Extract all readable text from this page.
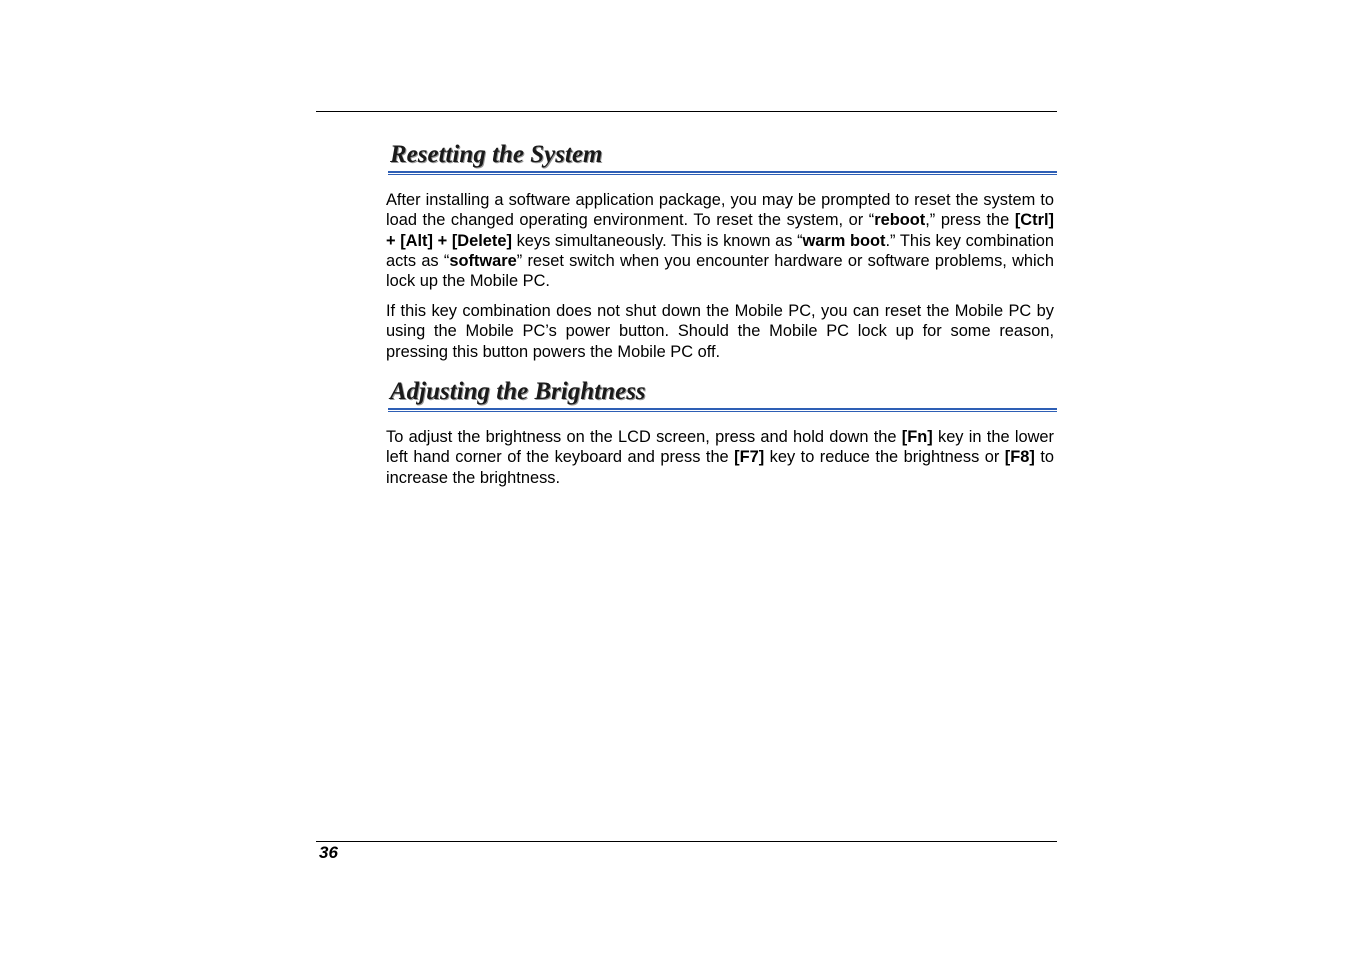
Resetting the System

After installing a software application package, you may be prompted to reset the system to load the changed operating environment. To reset the system, or “reboot,” press the [Ctrl] + [Alt] + [Delete] keys simultaneously. This is known as “warm boot.” This key combination acts as “software” reset switch when you encounter hardware or software problems, which lock up the Mobile PC.

If this key combination does not shut down the Mobile PC, you can reset the Mobile PC by using the Mobile PC’s power button. Should the Mobile PC lock up for some reason, pressing this button powers the Mobile PC off.

Adjusting the Brightness

To adjust the brightness on the LCD screen, press and hold down the [Fn] key in the lower left hand corner of the keyboard and press the [F7] key to reduce the brightness or [F8] to increase the brightness.

36
